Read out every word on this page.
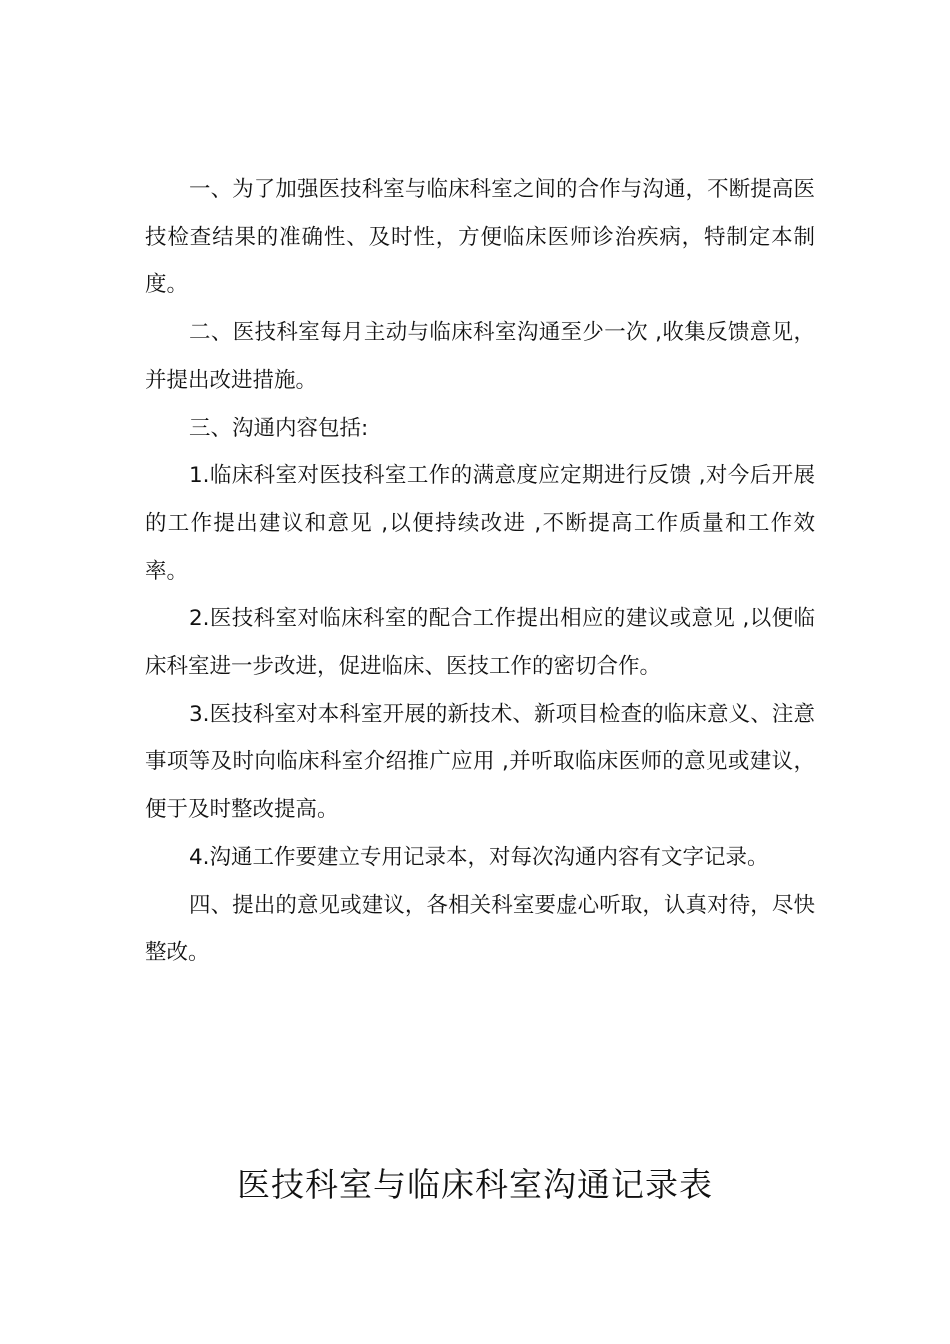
一、为了加强医技科室与临床科室之间的合作与沟通，不断提高医技检查结果的准确性、及时性，方便临床医师诊治疾病，特制定本制度。

二、医技科室每月主动与临床科室沟通至少一次 ,收集反馈意见，并提出改进措施。

三、沟通内容包括:

1.临床科室对医技科室工作的满意度应定期进行反馈 ,对今后开展的工作提出建议和意见 ,以便持续改进 ,不断提高工作质量和工作效率。

2.医技科室对临床科室的配合工作提出相应的建议或意见 ,以便临床科室进一步改进，促进临床、医技工作的密切合作。

3.医技科室对本科室开展的新技术、新项目检查的临床意义、注意事项等及时向临床科室介绍推广应用 ,并听取临床医师的意见或建议，便于及时整改提高。

4.沟通工作要建立专用记录本，对每次沟通内容有文字记录。

四、提出的意见或建议，各相关科室要虚心听取，认真对待，尽快整改。

医技科室与临床科室沟通记录表
